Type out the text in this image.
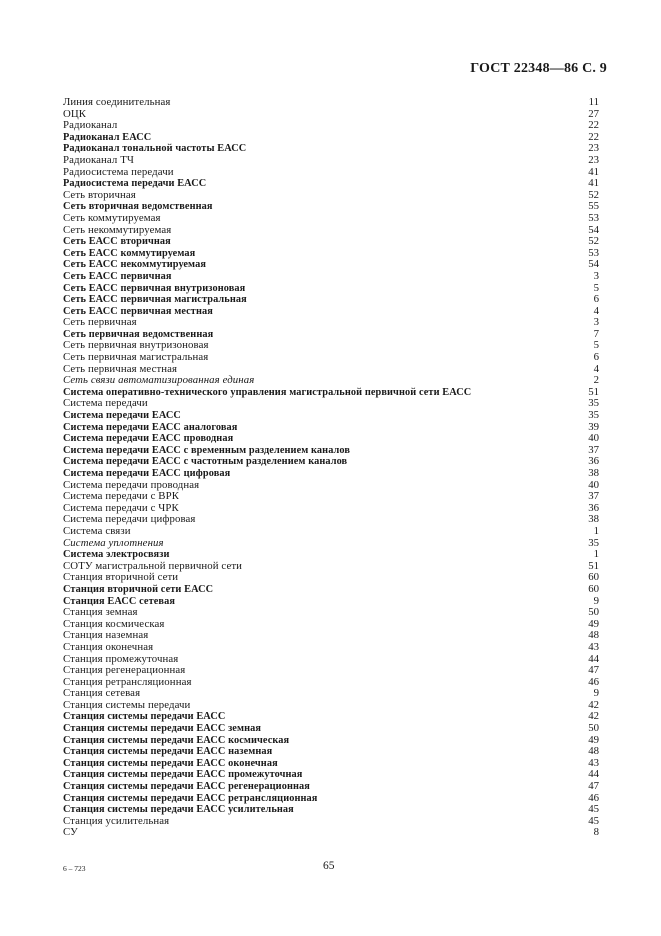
ГОСТ 22348—86 С. 9
Линия соединительная	11
ОЦК	27
Радиоканал	22
Радиоканал ЕАСС	22
Радиоканал тональной частоты ЕАСС	23
Радиоканал ТЧ	23
Радиосистема передачи	41
Радиосистема передачи ЕАСС	41
Сеть вторичная	52
Сеть вторичная ведомственная	55
Сеть коммутируемая	53
Сеть некоммутируемая	54
Сеть ЕАСС вторичная	52
Сеть ЕАСС коммутируемая	53
Сеть ЕАСС некоммутируемая	54
Сеть ЕАСС первичная	3
Сеть ЕАСС первичная внутризоновая	5
Сеть ЕАСС первичная магистральная	6
Сеть ЕАСС первичная местная	4
Сеть первичная	3
Сеть первичная ведомственная	7
Сеть первичная внутризоновая	5
Сеть первичная магистральная	6
Сеть первичная местная	4
Сеть связи автоматизированная единая	2
Система оперативно-технического управления магистральной первичной сети ЕАСС	51
Система передачи	35
Система передачи ЕАСС	35
Система передачи ЕАСС аналоговая	39
Система передачи ЕАСС проводная	40
Система передачи ЕАСС с временным разделением каналов	37
Система передачи ЕАСС с частотным разделением каналов	36
Система передачи ЕАСС цифровая	38
Система передачи проводная	40
Система передачи с ВРК	37
Система передачи с ЧРК	36
Система передачи цифровая	38
Система связи	1
Система уплотнения	35
Система электросвязи	1
СОТУ магистральной первичной сети	51
Станция вторичной сети	60
Станция вторичной сети ЕАСС	60
Станция ЕАСС сетевая	9
Станция земная	50
Станция космическая	49
Станция наземная	48
Станция оконечная	43
Станция промежуточная	44
Станция регенерационная	47
Станция ретрансляционная	46
Станция сетевая	9
Станция системы передачи	42
Станция системы передачи ЕАСС	42
Станция системы передачи ЕАСС земная	50
Станция системы передачи ЕАСС космическая	49
Станция системы передачи ЕАСС наземная	48
Станция системы передачи ЕАСС оконечная	43
Станция системы передачи ЕАСС промежуточная	44
Станция системы передачи ЕАСС регенерационная	47
Станция системы передачи ЕАСС ретрансляционная	46
Станция системы передачи ЕАСС усилительная	45
Станция усилительная	45
СУ	8
6 – 723	65
